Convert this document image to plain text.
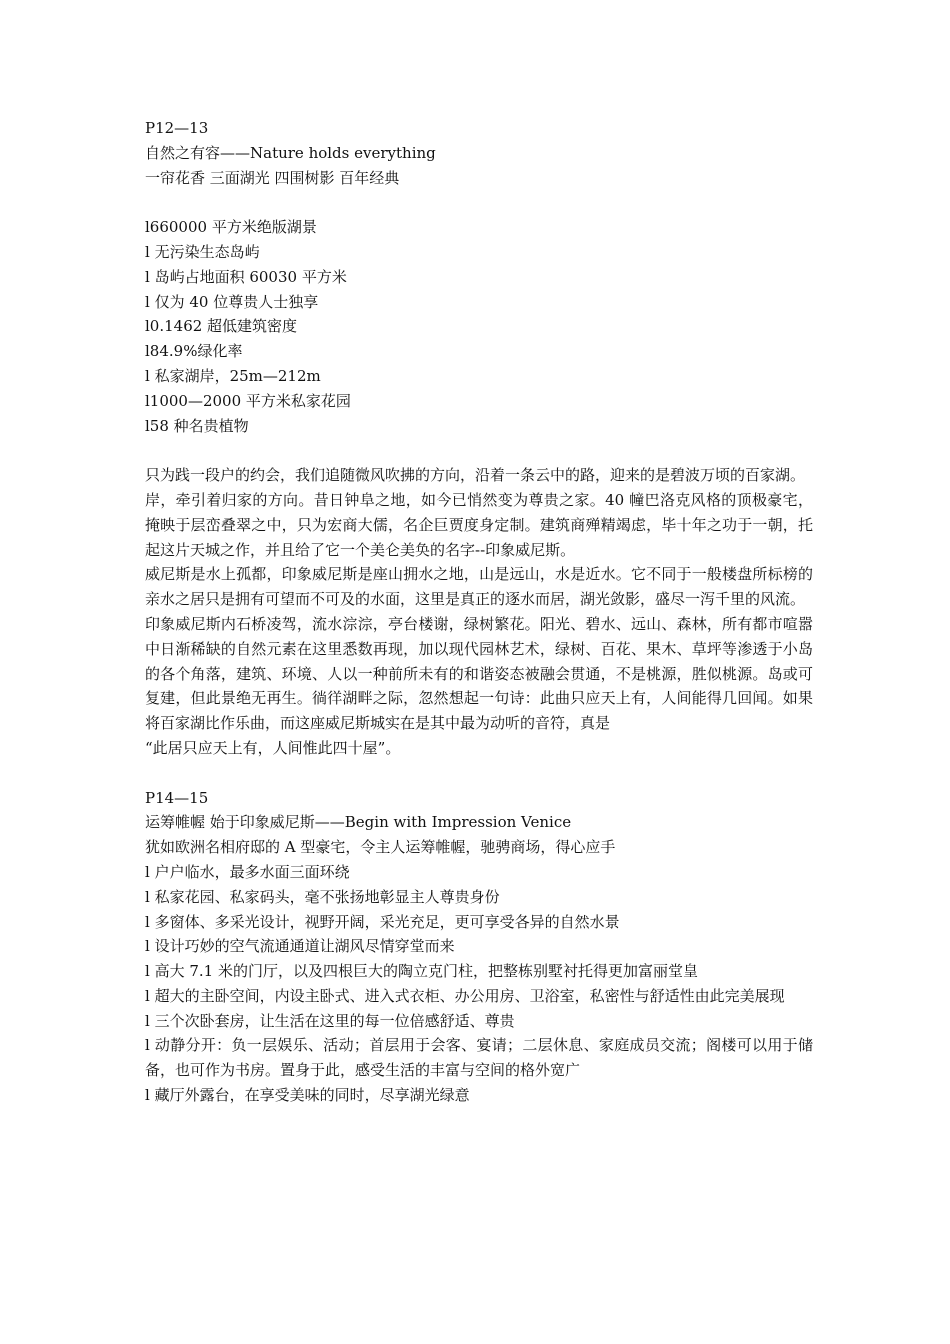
P12—13
自然之有容——Nature holds everything
一帘花香 三面湖光 四围树影 百年经典
l660000 平方米绝版湖景
l 无污染生态岛屿
l 岛屿占地面积 60030 平方米
l 仅为 40 位尊贵人士独享
l0.1462 超低建筑密度
l84.9%绿化率
l 私家湖岸，25m—212m
l1000—2000 平方米私家花园
l58 种名贵植物
只为践一段户的约会，我们追随微风吹拂的方向，沿着一条云中的路，迎来的是碧波万顷的百家湖。
岸，牵引着归家的方向。昔日钟阜之地，如今已悄然变为尊贵之家。40 幢巴洛克风格的顶极豪宅，掩映于层峦叠翠之中，只为宏商大儒，名企巨贾度身定制。建筑商殚精竭虑，毕十年之功于一朝，托起这片天城之作，并且给了它一个美仑美奂的名字--印象威尼斯。
威尼斯是水上孤都，印象威尼斯是座山拥水之地，山是远山，水是近水。它不同于一般楼盘所标榜的亲水之居只是拥有可望而不可及的水面，这里是真正的逐水而居，湖光敛影，盛尽一泻千里的风流。
印象威尼斯内石桥凌驾，流水淙淙，亭台楼谢，绿树繁花。阳光、碧水、远山、森林，所有都市喧嚣中日渐稀缺的自然元素在这里悉数再现，加以现代园林艺术，绿树、百花、果木、草坪等渗透于小岛的各个角落，建筑、环境、人以一种前所未有的和谐姿态被融会贯通，不是桃源，胜似桃源。岛或可复建，但此景绝无再生。徜徉湖畔之际，忽然想起一句诗：此曲只应天上有，人间能得几回闻。如果将百家湖比作乐曲，而这座威尼斯城实在是其中最为动听的音符，真是
“此居只应天上有，人间惟此四十屋”。
P14—15
运筹帷幄 始于印象威尼斯——Begin with Impression Venice
犹如欧洲名相府邸的 A 型豪宅，令主人运筹帷幄，驰骋商场，得心应手
l 户户临水，最多水面三面环绕
l 私家花园、私家码头，毫不张扬地彰显主人尊贵身份
l 多窗体、多采光设计，视野开阔，采光充足，更可享受各异的自然水景
l 设计巧妙的空气流通通道让湖风尽情穿堂而来
l 高大 7.1 米的门厅，以及四根巨大的陶立克门柱，把整栋别墅衬托得更加富丽堂皇
l 超大的主卧空间，内设主卧式、进入式衣柜、办公用房、卫浴室，私密性与舒适性由此完美展现
l 三个次卧套房，让生活在这里的每一位倍感舒适、尊贵
l 动静分开：负一层娱乐、活动；首层用于会客、宴请；二层休息、家庭成员交流；阁楼可以用于储备，也可作为书房。置身于此，感受生活的丰富与空间的格外宽广
l 藏厅外露台，在享受美味的同时，尽享湖光绿意
